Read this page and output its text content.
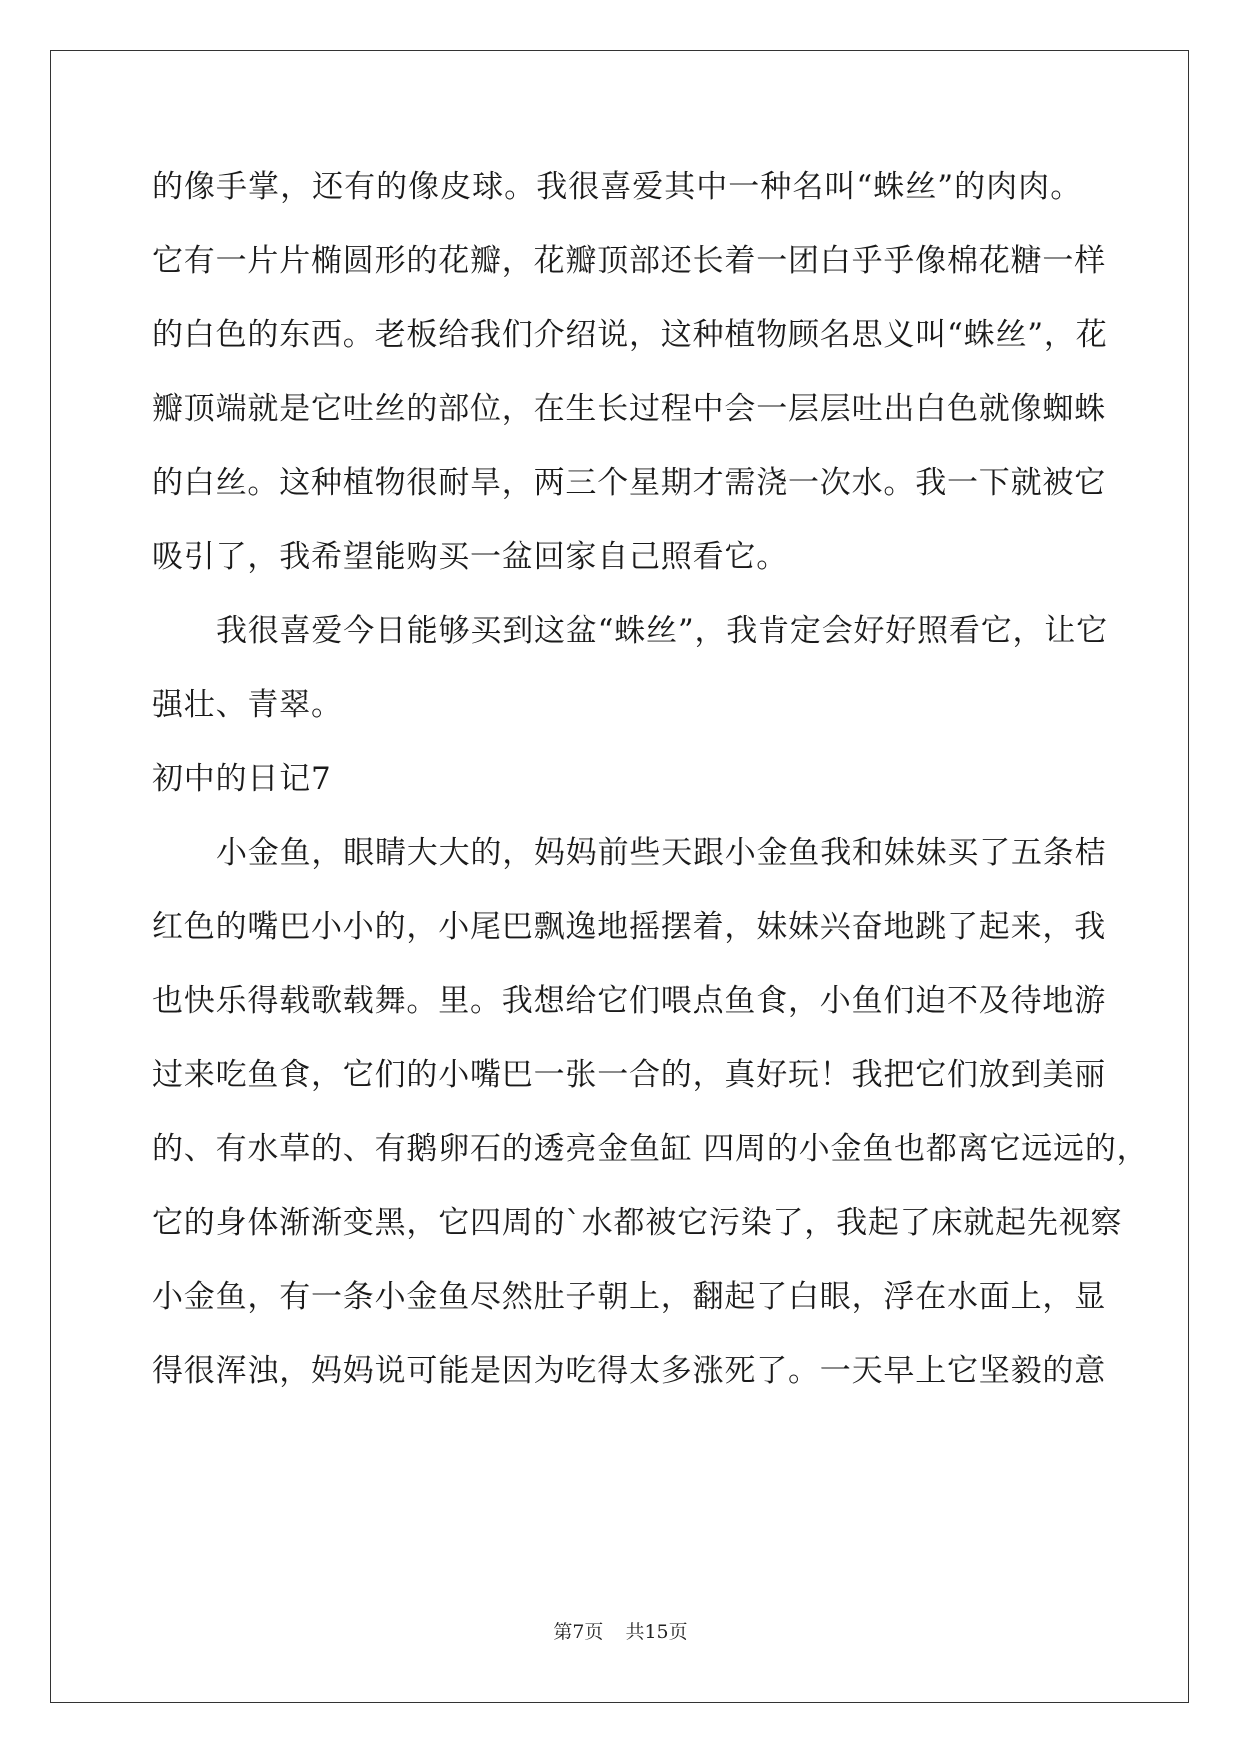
的像手掌，还有的像皮球。我很喜爱其中一种名叫“蛛丝”的肉肉。
它有一片片椭圆形的花瓣，花瓣顶部还长着一团白乎乎像棉花糖一样
的白色的东西。老板给我们介绍说，这种植物顾名思义叫“蛛丝”，花
瓣顶端就是它吐丝的部位，在生长过程中会一层层吐出白色就像蜘蛛
的白丝。这种植物很耐旱，两三个星期才需浇一次水。我一下就被它
吸引了，我希望能购买一盆回家自己照看它。
我很喜爱今日能够买到这盆“蛛丝”，我肯定会好好照看它，让它
强壮、青翠。
初中的日记7
小金鱼，眼睛大大的，妈妈前些天跟小金鱼我和妹妹买了五条桔
红色的嘴巴小小的，小尾巴飘逸地摇摆着，妹妹兴奋地跳了起来，我
也快乐得载歌载舞。里。我想给它们喂点鱼食，小鱼们迫不及待地游
过来吃鱼食，它们的小嘴巴一张一合的，真好玩！我把它们放到美丽
的、有水草的、有鹅卵石的透亮金鱼缸 四周的小金鱼也都离它远远的，
它的身体渐渐变黑，它四周的`水都被它污染了，我起了床就起先视察
小金鱼，有一条小金鱼尽然肚子朝上，翻起了白眼，浮在水面上，显
得很浑浊，妈妈说可能是因为吃得太多涨死了。一天早上它坚毅的意
第7页 共15页
